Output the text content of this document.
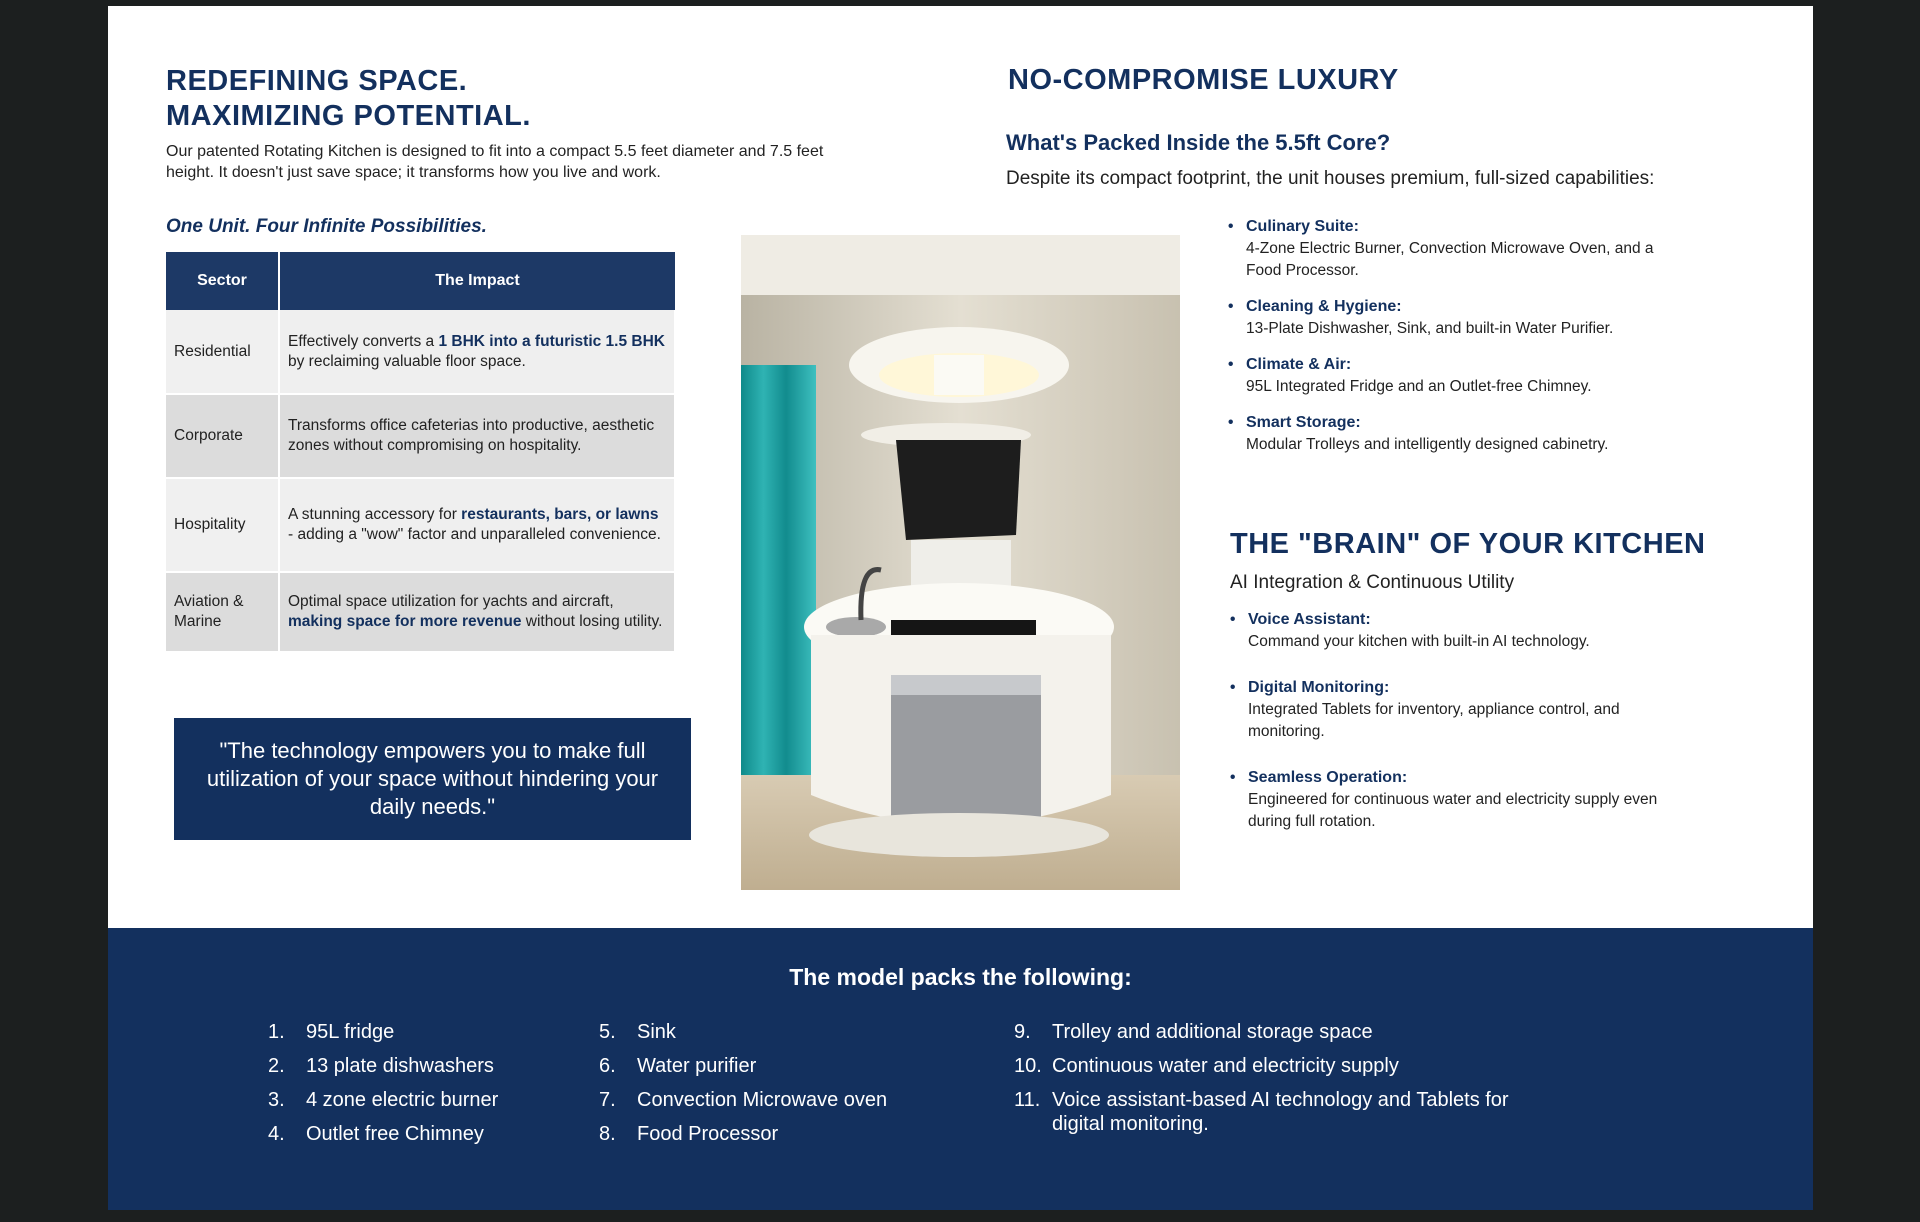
REDEFINING SPACE.
MAXIMIZING POTENTIAL.

Our patented Rotating Kitchen is designed to fit into a compact 5.5 feet diameter and 7.5 feet height. It doesn't just save space; it transforms how you live and work.

One Unit. Four Infinite Possibilities.
Sector	The Impact
Residential	Effectively converts a 1 BHK into a futuristic 1.5 BHK by reclaiming valuable floor space.
Corporate	Transforms office cafeterias into productive, aesthetic zones without compromising on hospitality.
Hospitality	A stunning accessory for restaurants, bars, or lawns - adding a "wow" factor and unparalleled convenience.
Aviation & Marine	Optimal space utilization for yachts and aircraft, making space for more revenue without losing utility.
"The technology empowers you to make full utilization of your space without hindering your daily needs."
NO-COMPROMISE LUXURY
What's Packed Inside the 5.5ft Core?
Despite its compact footprint, the unit houses premium, full-sized capabilities:
• Culinary Suite:
4-Zone Electric Burner, Convection Microwave Oven, and a Food Processor.
• Cleaning & Hygiene:
13-Plate Dishwasher, Sink, and built-in Water Purifier.
• Climate & Air:
95L Integrated Fridge and an Outlet-free Chimney.
• Smart Storage:
Modular Trolleys and intelligently designed cabinetry.
THE "BRAIN" OF YOUR KITCHEN
AI Integration & Continuous Utility
• Voice Assistant:
Command your kitchen with built-in AI technology.
• Digital Monitoring:
Integrated Tablets for inventory, appliance control, and monitoring.
• Seamless Operation:
Engineered for continuous water and electricity supply even during full rotation.
The model packs the following:
1. 95L fridge
2. 13 plate dishwashers
3. 4 zone electric burner
4. Outlet free Chimney
5. Sink
6. Water purifier
7. Convection Microwave oven
8. Food Processor
9. Trolley and additional storage space
10. Continuous water and electricity supply
11. Voice assistant-based AI technology and Tablets for digital monitoring.
